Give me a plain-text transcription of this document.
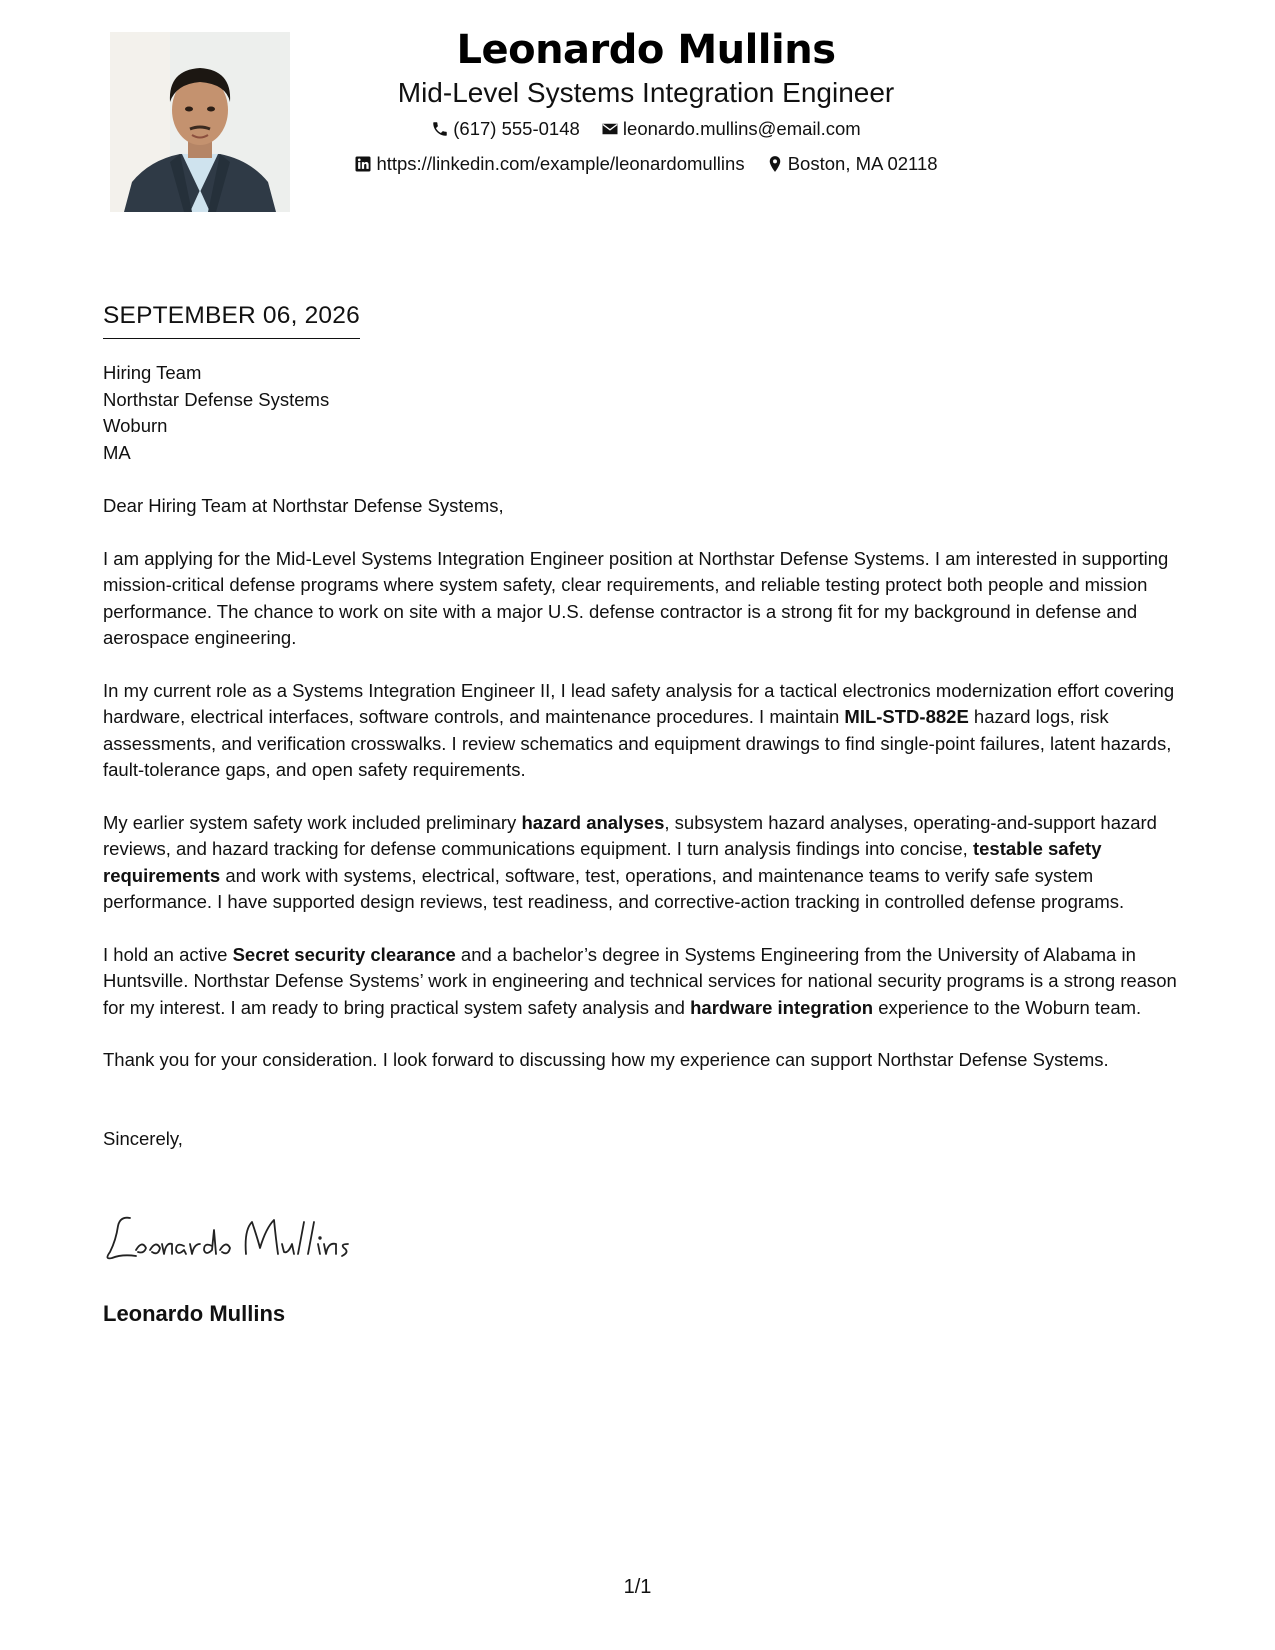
Leonardo Mullins
Mid-Level Systems Integration Engineer
(617) 555-0148
leonardo.mullins@email.com
https://linkedin.com/example/leonardomullins
Boston, MA 02118
SEPTEMBER 06, 2026
Hiring Team
Northstar Defense Systems
Woburn
MA
Dear Hiring Team at Northstar Defense Systems,
I am applying for the Mid-Level Systems Integration Engineer position at Northstar Defense Systems. I am interested in supporting mission-critical defense programs where system safety, clear requirements, and reliable testing protect both people and mission performance. The chance to work on site with a major U.S. defense contractor is a strong fit for my background in defense and aerospace engineering.
In my current role as a Systems Integration Engineer II, I lead safety analysis for a tactical electronics modernization effort covering hardware, electrical interfaces, software controls, and maintenance procedures. I maintain MIL-STD-882E hazard logs, risk assessments, and verification crosswalks. I review schematics and equipment drawings to find single-point failures, latent hazards, fault-tolerance gaps, and open safety requirements.
My earlier system safety work included preliminary hazard analyses, subsystem hazard analyses, operating-and-support hazard reviews, and hazard tracking for defense communications equipment. I turn analysis findings into concise, testable safety requirements and work with systems, electrical, software, test, operations, and maintenance teams to verify safe system performance. I have supported design reviews, test readiness, and corrective-action tracking in controlled defense programs.
I hold an active Secret security clearance and a bachelor’s degree in Systems Engineering from the University of Alabama in Huntsville. Northstar Defense Systems’ work in engineering and technical services for national security programs is a strong reason for my interest. I am ready to bring practical system safety analysis and hardware integration experience to the Woburn team.
Thank you for your consideration. I look forward to discussing how my experience can support Northstar Defense Systems.
Sincerely,
Leonardo Mullins
1/1
